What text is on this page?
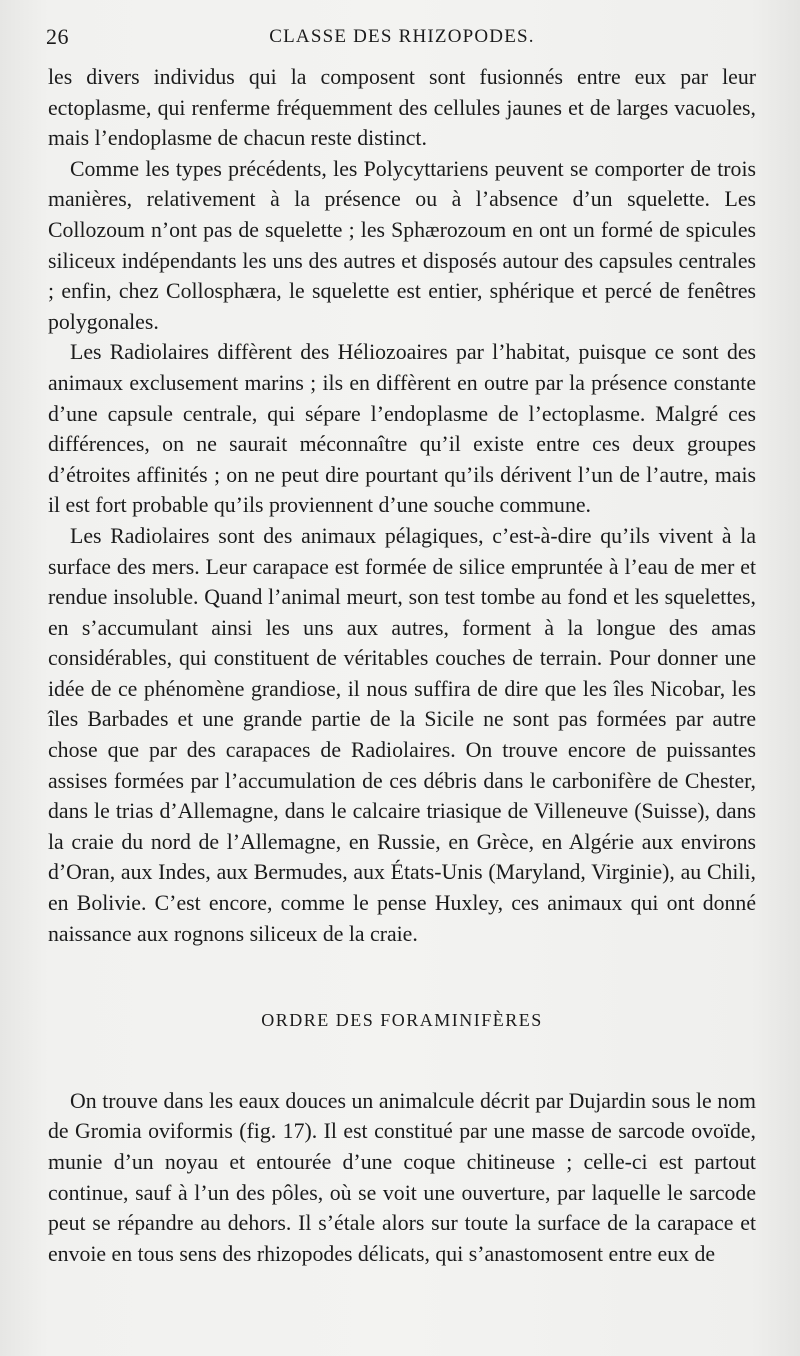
26	CLASSE DES RHIZOPODES.

les divers individus qui la composent sont fusionnés entre eux par leur ectoplasme, qui renferme fréquemment des cellules jaunes et de larges vacuoles, mais l’endoplasme de chacun reste distinct.

Comme les types précédents, les Polycyttariens peuvent se comporter de trois manières, relativement à la présence ou à l’absence d’un squelette. Les Collozoum n’ont pas de squelette ; les Sphærozoum en ont un formé de spicules siliceux indépendants les uns des autres et disposés autour des capsules centrales ; enfin, chez Collosphæra, le squelette est entier, sphérique et percé de fenêtres polygonales.

Les Radiolaires diffèrent des Héliozoaires par l’habitat, puisque ce sont des animaux exclusement marins ; ils en diffèrent en outre par la présence constante d’une capsule centrale, qui sépare l’endoplasme de l’ectoplasme. Malgré ces différences, on ne saurait méconnaître qu’il existe entre ces deux groupes d’étroites affinités ; on ne peut dire pourtant qu’ils dérivent l’un de l’autre, mais il est fort probable qu’ils proviennent d’une souche commune.

Les Radiolaires sont des animaux pélagiques, c’est-à-dire qu’ils vivent à la surface des mers. Leur carapace est formée de silice empruntée à l’eau de mer et rendue insoluble. Quand l’animal meurt, son test tombe au fond et les squelettes, en s’accumulant ainsi les uns aux autres, forment à la longue des amas considérables, qui constituent de véritables couches de terrain. Pour donner une idée de ce phénomène grandiose, il nous suffira de dire que les îles Nicobar, les îles Barbades et une grande partie de la Sicile ne sont pas formées par autre chose que par des carapaces de Radiolaires. On trouve encore de puissantes assises formées par l’accumulation de ces débris dans le carbonifère de Chester, dans le trias d’Allemagne, dans le calcaire triasique de Villeneuve (Suisse), dans la craie du nord de l’Allemagne, en Russie, en Grèce, en Algérie aux environs d’Oran, aux Indes, aux Bermudes, aux États-Unis (Maryland, Virginie), au Chili, en Bolivie. C’est encore, comme le pense Huxley, ces animaux qui ont donné naissance aux rognons siliceux de la craie.

ORDRE DES FORAMINIFÈRES

On trouve dans les eaux douces un animalcule décrit par Dujardin sous le nom de Gromia oviformis (fig. 17). Il est constitué par une masse de sarcode ovoïde, munie d’un noyau et entourée d’une coque chitineuse ; celle-ci est partout continue, sauf à l’un des pôles, où se voit une ouverture, par laquelle le sarcode peut se répandre au dehors. Il s’étale alors sur toute la surface de la carapace et envoie en tous sens des rhizopodes délicats, qui s’anastomosent entre eux de
